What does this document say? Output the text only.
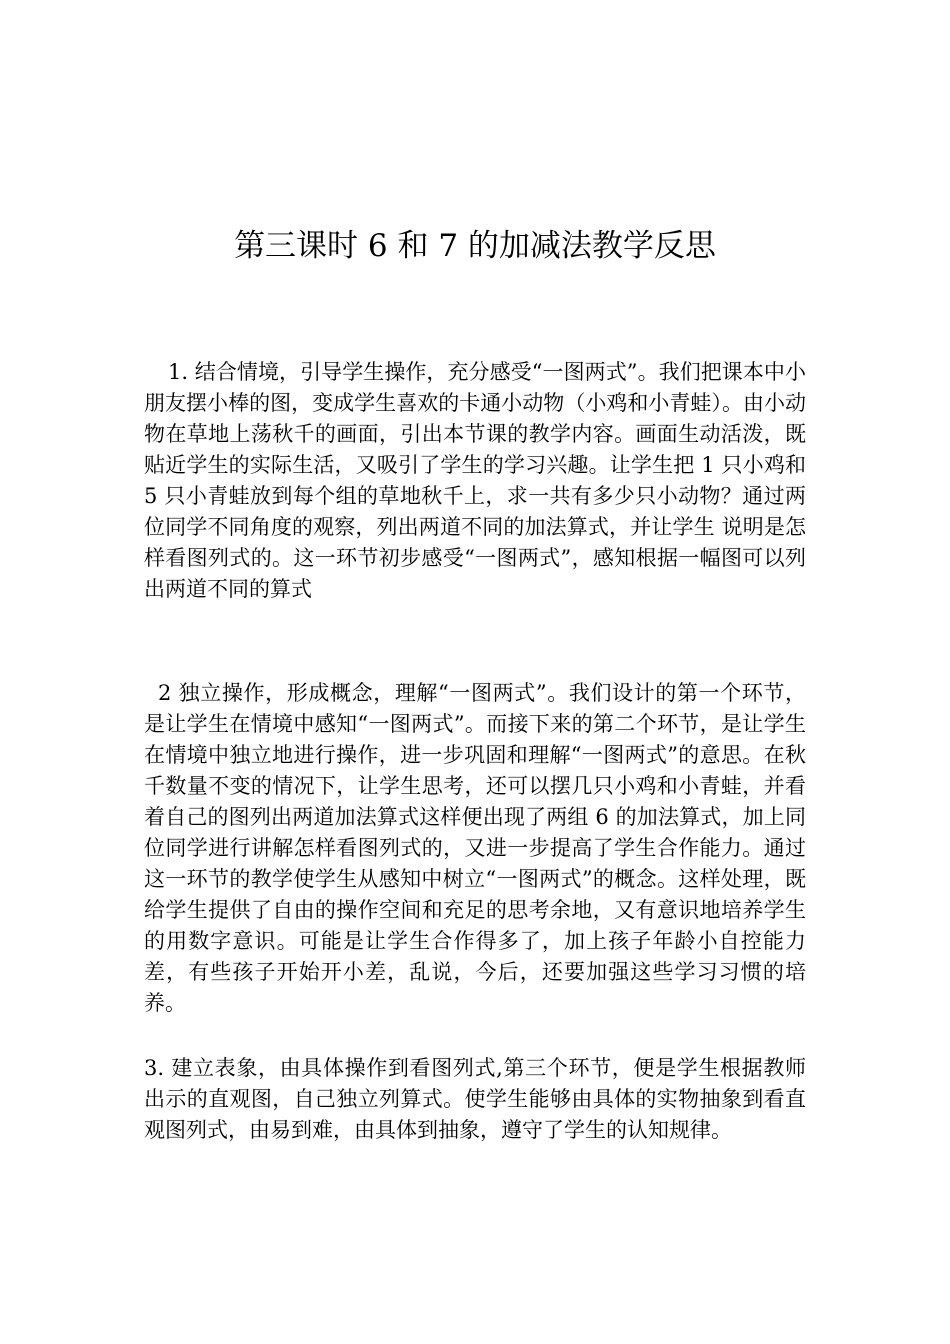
第三课时 6 和 7 的加减法教学反思

1. 结合情境，引导学生操作，充分感受“一图两式”。我们把课本中小朋友摆小棒的图，变成学生喜欢的卡通小动物（小鸡和小青蛙）。由小动物在草地上荡秋千的画面，引出本节课的教学内容。画面生动活泼，既贴近学生的实际生活，又吸引了学生的学习兴趣。让学生把 1 只小鸡和 5 只小青蛙放到每个组的草地秋千上，求一共有多少只小动物？通过两位同学不同角度的观察，列出两道不同的加法算式，并让学生 说明是怎样看图列式的。这一环节初步感受“一图两式”，感知根据一幅图可以列出两道不同的算式

2 独立操作，形成概念，理解“一图两式”。我们设计的第一个环节，是让学生在情境中感知“一图两式”。而接下来的第二个环节，是让学生在情境中独立地进行操作，进一步巩固和理解“一图两式”的意思。在秋千数量不变的情况下，让学生思考，还可以摆几只小鸡和小青蛙，并看着自己的图列出两道加法算式这样便出现了两组 6 的加法算式，加上同位同学进行讲解怎样看图列式的，又进一步提高了学生合作能力。通过这一环节的教学使学生从感知中树立“一图两式”的概念。这样处理，既给学生提供了自由的操作空间和充足的思考余地，又有意识地培养学生的用数字意识。可能是让学生合作得多了，加上孩子年龄小自控能力差，有些孩子开始开小差，乱说，今后，还要加强这些学习习惯的培养。

3. 建立表象，由具体操作到看图列式,第三个环节，便是学生根据教师出示的直观图，自己独立列算式。使学生能够由具体的实物抽象到看直观图列式，由易到难，由具体到抽象，遵守了学生的认知规律。
